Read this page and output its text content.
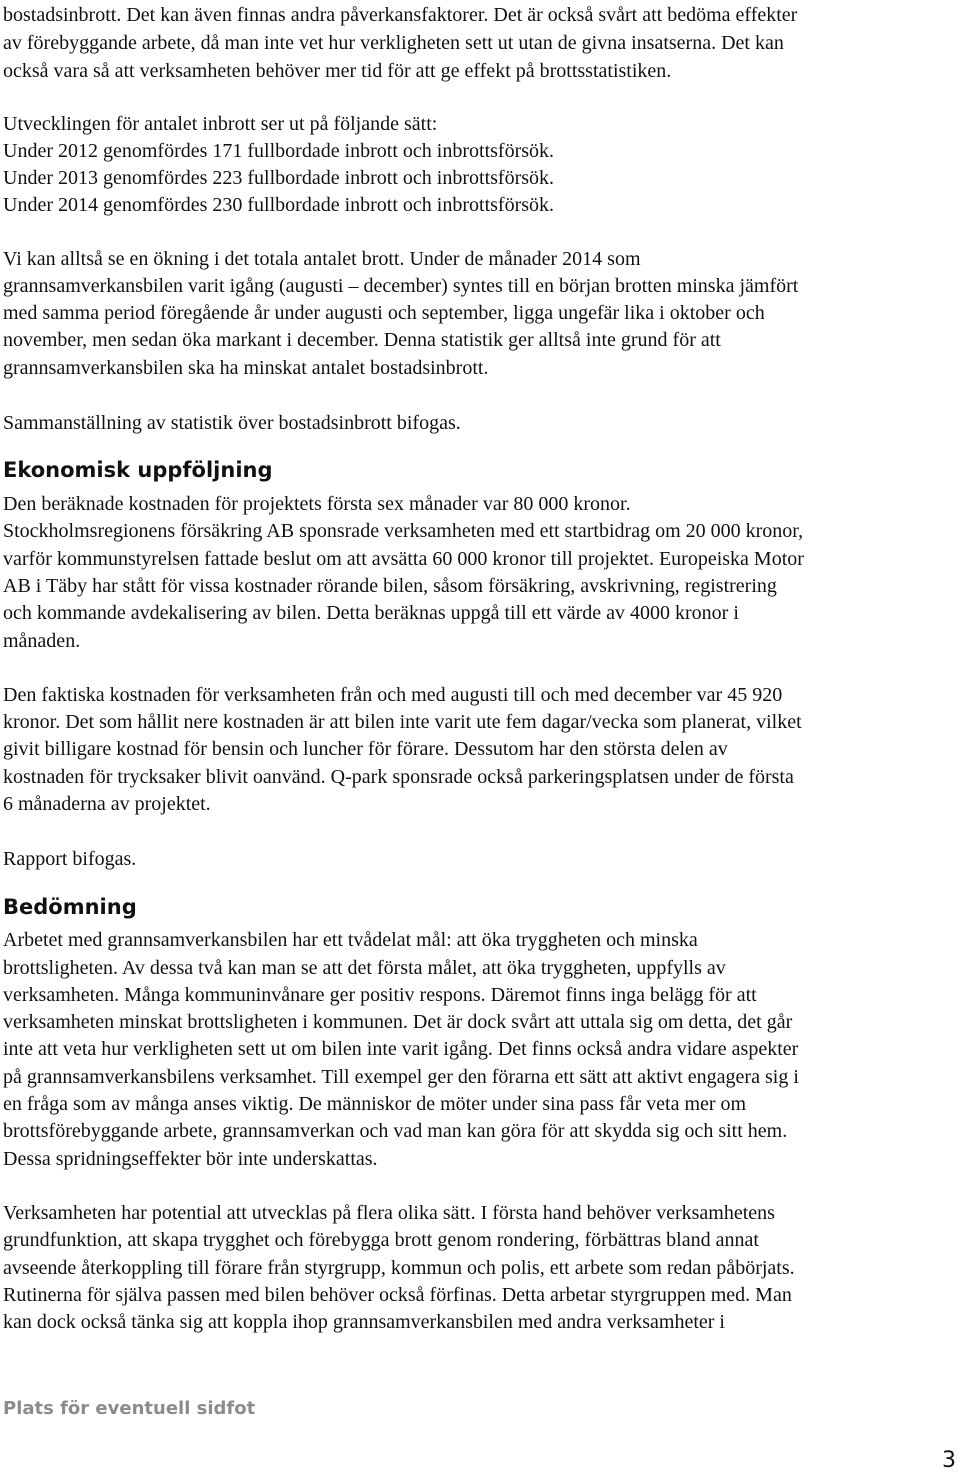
bostadsinbrott. Det kan även finnas andra påverkansfaktorer. Det är också svårt att bedöma effekter
av förebyggande arbete, då man inte vet hur verkligheten sett ut utan de givna insatserna. Det kan
också vara så att verksamheten behöver mer tid för att ge effekt på brottsstatistiken.
Utvecklingen för antalet inbrott ser ut på följande sätt:
Under 2012 genomfördes 171 fullbordade inbrott och inbrottsförsök.
Under 2013 genomfördes 223 fullbordade inbrott och inbrottsförsök.
Under 2014 genomfördes 230 fullbordade inbrott och inbrottsförsök.
Vi kan alltså se en ökning i det totala antalet brott. Under de månader 2014 som
grannsamverkansbilen varit igång (augusti – december) syntes till en början brotten minska jämfört
med samma period föregående år under augusti och september, ligga ungefär lika i oktober och
november, men sedan öka markant i december. Denna statistik ger alltså inte grund för att
grannsamverkansbilen ska ha minskat antalet bostadsinbrott.
Sammanställning av statistik över bostadsinbrott bifogas.
Ekonomisk uppföljning
Den beräknade kostnaden för projektets första sex månader var 80 000 kronor.
Stockholmsregionens försäkring AB sponsrade verksamheten med ett startbidrag om 20 000 kronor,
varför kommunstyrelsen fattade beslut om att avsätta 60 000 kronor till projektet. Europeiska Motor
AB i Täby har stått för vissa kostnader rörande bilen, såsom försäkring, avskrivning, registrering
och kommande avdekalisering av bilen. Detta beräknas uppgå till ett värde av 4000 kronor i
månaden.
Den faktiska kostnaden för verksamheten från och med augusti till och med december var 45 920
kronor. Det som hållit nere kostnaden är att bilen inte varit ute fem dagar/vecka som planerat, vilket
givit billigare kostnad för bensin och luncher för förare. Dessutom har den största delen av
kostnaden för trycksaker blivit oanvänd. Q-park sponsrade också parkeringsplatsen under de första
6 månaderna av projektet.
Rapport bifogas.
Bedömning
Arbetet med grannsamverkansbilen har ett tvådelat mål: att öka tryggheten och minska
brottsligheten. Av dessa två kan man se att det första målet, att öka tryggheten, uppfylls av
verksamheten. Många kommuninvånare ger positiv respons. Däremot finns inga belägg för att
verksamheten minskat brottsligheten i kommunen. Det är dock svårt att uttala sig om detta, det går
inte att veta hur verkligheten sett ut om bilen inte varit igång. Det finns också andra vidare aspekter
på grannsamverkansbilens verksamhet. Till exempel ger den förarna ett sätt att aktivt engagera sig i
en fråga som av många anses viktig. De människor de möter under sina pass får veta mer om
brottsförebyggande arbete, grannsamverkan och vad man kan göra för att skydda sig och sitt hem.
Dessa spridningseffekter bör inte underskattas.
Verksamheten har potential att utvecklas på flera olika sätt. I första hand behöver verksamhetens
grundfunktion, att skapa trygghet och förebygga brott genom rondering, förbättras bland annat
avseende återkoppling till förare från styrgrupp, kommun och polis, ett arbete som redan påbörjats.
Rutinerna för själva passen med bilen behöver också förfinas. Detta arbetar styrgruppen med. Man
kan dock också tänka sig att koppla ihop grannsamverkansbilen med andra verksamheter i
Plats för eventuell sidfot
3
